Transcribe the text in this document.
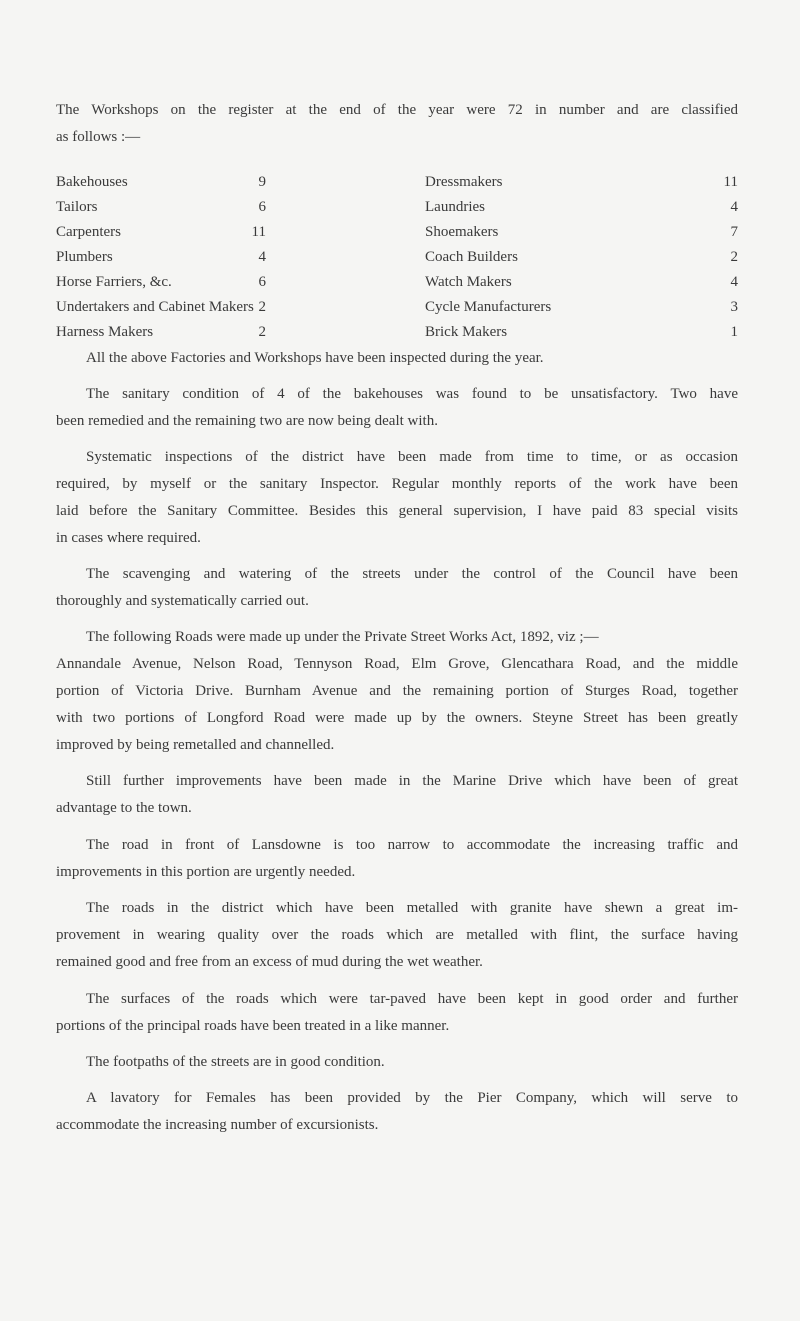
The Workshops on the register at the end of the year were 72 in number and are classified
as follows :—
Bakehouses	9	Dressmakers	11
Tailors	6	Laundries	4
Carpenters	11	Shoemakers	7
Plumbers	4	Coach Builders	2
Horse Farriers, &c.	6	Watch Makers	4
Undertakers and Cabinet Makers 2	Cycle Manufacturers	3
Harness Makers	2	Brick Makers	1
All the above Factories and Workshops have been inspected during the year.
The sanitary condition of 4 of the bakehouses was found to be unsatisfactory. Two have
been remedied and the remaining two are now being dealt with.
Systematic inspections of the district have been made from time to time, or as occasion
required, by myself or the sanitary Inspector. Regular monthly reports of the work have been
laid before the Sanitary Committee. Besides this general supervision, I have paid 83 special visits
in cases where required.
The scavenging and watering of the streets under the control of the Council have been
thoroughly and systematically carried out.
The following Roads were made up under the Private Street Works Act, 1892, viz ;—
Annandale Avenue, Nelson Road, Tennyson Road, Elm Grove, Glencathara Road, and the middle
portion of Victoria Drive. Burnham Avenue and the remaining portion of Sturges Road, together
with two portions of Longford Road were made up by the owners. Steyne Street has been greatly
improved by being remetalled and channelled.
Still further improvements have been made in the Marine Drive which have been of great
advantage to the town.
The road in front of Lansdowne is too narrow to accommodate the increasing traffic and
improvements in this portion are urgently needed.
The roads in the district which have been metalled with granite have shewn a great im-
provement in wearing quality over the roads which are metalled with flint, the surface having
remained good and free from an excess of mud during the wet weather.
The surfaces of the roads which were tar-paved have been kept in good order and further
portions of the principal roads have been treated in a like manner.
The footpaths of the streets are in good condition.
A lavatory for Females has been provided by the Pier Company, which will serve to
accommodate the increasing number of excursionists.
